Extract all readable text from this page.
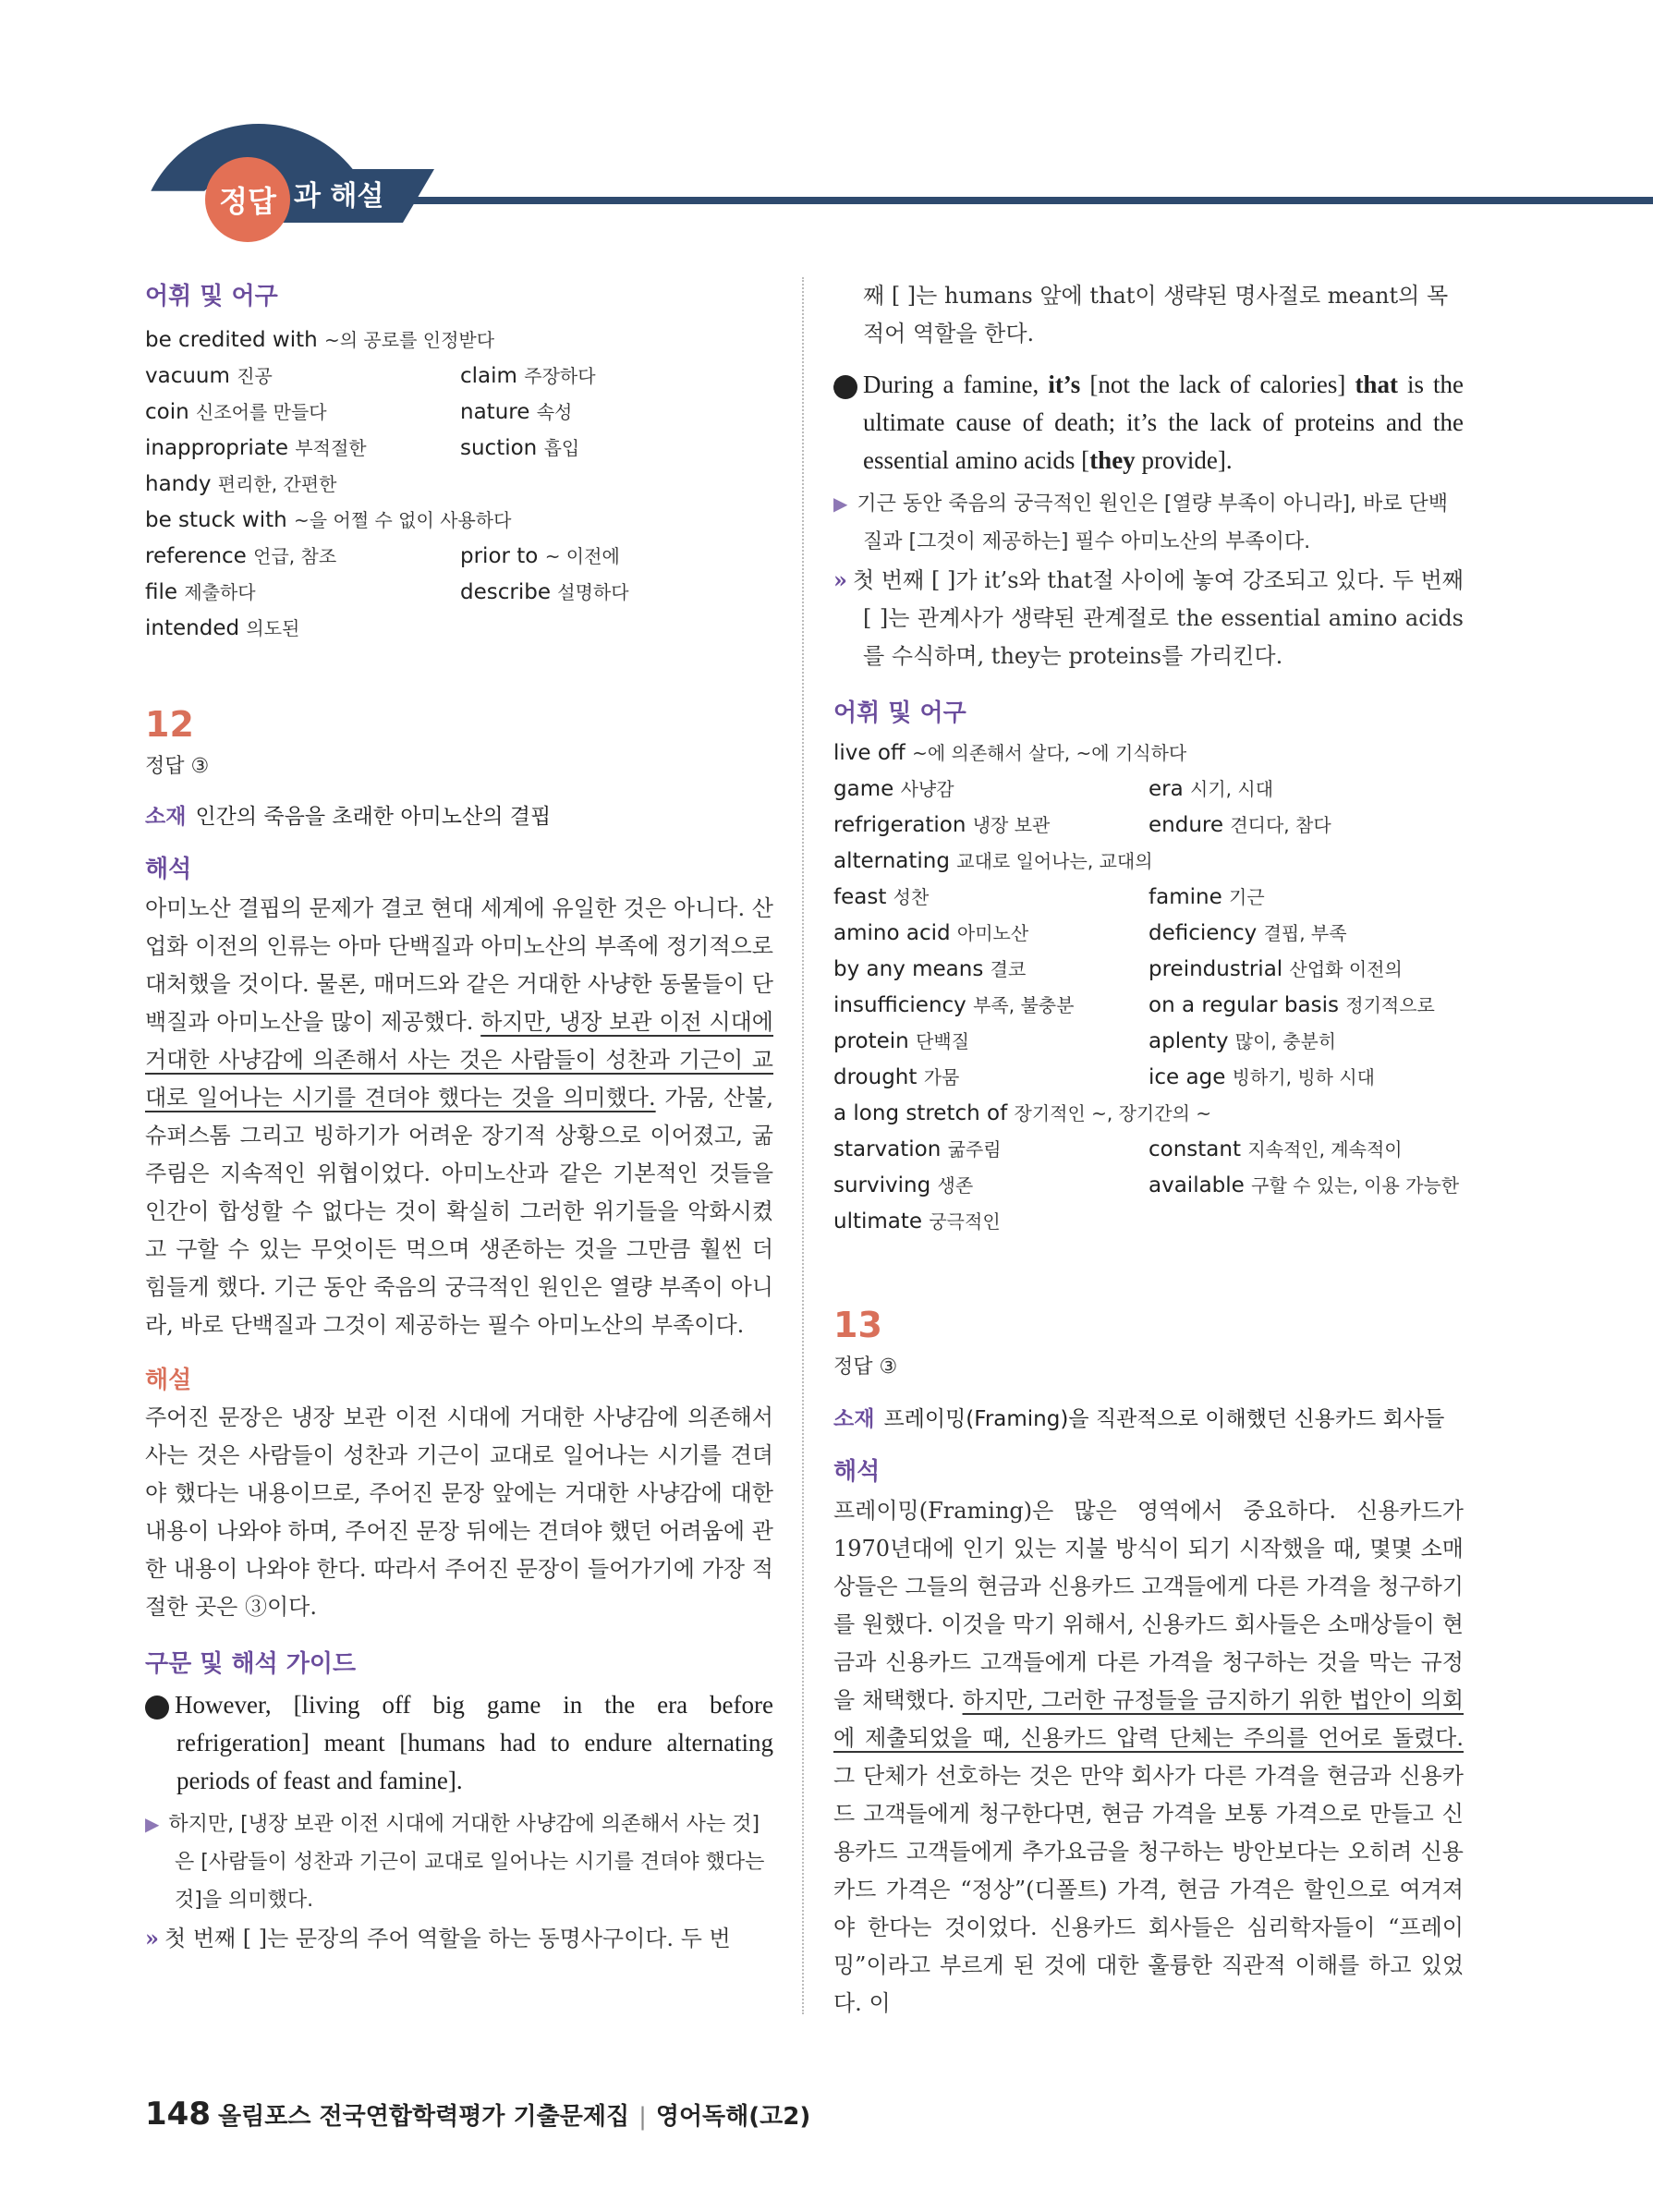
정답 과 해설
어휘 및 어구
be credited with ~의 공로를 인정받다
vacuum 진공	claim 주장하다
coin 신조어를 만들다	nature 속성
inappropriate 부적절한	suction 흡입
handy 편리한, 간편한
be stuck with ~을 어쩔 수 없이 사용하다
reference 언급, 참조	prior to ~ 이전에
file 제출하다	describe 설명하다
intended 의도된
12
정답 ③
소재 인간의 죽음을 초래한 아미노산의 결핍
해석
아미노산 결핍의 문제가 결코 현대 세계에 유일한 것은 아니다. 산업화 이전의 인류는 아마 단백질과 아미노산의 부족에 정기적으로 대처했을 것이다. 물론, 매머드와 같은 거대한 사냥한 동물들이 단백질과 아미노산을 많이 제공했다. 하지만, 냉장 보관 이전 시대에 거대한 사냥감에 의존해서 사는 것은 사람들이 성찬과 기근이 교대로 일어나는 시기를 견뎌야 했다는 것을 의미했다. 가뭄, 산불, 슈퍼스톰 그리고 빙하기가 어려운 장기적 상황으로 이어졌고, 굶주림은 지속적인 위협이었다. 아미노산과 같은 기본적인 것들을 인간이 합성할 수 없다는 것이 확실히 그러한 위기들을 악화시켰고 구할 수 있는 무엇이든 먹으며 생존하는 것을 그만큼 훨씬 더 힘들게 했다. 기근 동안 죽음의 궁극적인 원인은 열량 부족이 아니라, 바로 단백질과 그것이 제공하는 필수 아미노산의 부족이다.
해설
주어진 문장은 냉장 보관 이전 시대에 거대한 사냥감에 의존해서 사는 것은 사람들이 성찬과 기근이 교대로 일어나는 시기를 견뎌야 했다는 내용이므로, 주어진 문장 앞에는 거대한 사냥감에 대한 내용이 나와야 하며, 주어진 문장 뒤에는 견뎌야 했던 어려움에 관한 내용이 나와야 한다. 따라서 주어진 문장이 들어가기에 가장 적절한 곳은 ③이다.
구문 및 해석 가이드
1 However, [living off big game in the era before refrigeration] meant [humans had to endure alternating periods of feast and famine].
▶ 하지만, [냉장 보관 이전 시대에 거대한 사냥감에 의존해서 사는 것]은 [사람들이 성찬과 기근이 교대로 일어나는 시기를 견뎌야 했다는 것]을 의미했다.
» 첫 번째 [ ]는 문장의 주어 역할을 하는 동명사구이다. 두 번
째 [ ]는 humans 앞에 that이 생략된 명사절로 meant의 목적어 역할을 한다.
2 During a famine, it’s [not the lack of calories] that is the ultimate cause of death; it’s the lack of proteins and the essential amino acids [they provide].
▶ 기근 동안 죽음의 궁극적인 원인은 [열량 부족이 아니라], 바로 단백질과 [그것이 제공하는] 필수 아미노산의 부족이다.
» 첫 번째 [ ]가 it’s와 that절 사이에 놓여 강조되고 있다. 두 번째 [ ]는 관계사가 생략된 관계절로 the essential amino acids를 수식하며, they는 proteins를 가리킨다.
어휘 및 어구
live off ~에 의존해서 살다, ~에 기식하다
game 사냥감	era 시기, 시대
refrigeration 냉장 보관	endure 견디다, 참다
alternating 교대로 일어나는, 교대의
feast 성찬	famine 기근
amino acid 아미노산	deficiency 결핍, 부족
by any means 결코	preindustrial 산업화 이전의
insufficiency 부족, 불충분	on a regular basis 정기적으로
protein 단백질	aplenty 많이, 충분히
drought 가뭄	ice age 빙하기, 빙하 시대
a long stretch of 장기적인 ~, 장기간의 ~
starvation 굶주림	constant 지속적인, 계속적이
surviving 생존	available 구할 수 있는, 이용 가능한
ultimate 궁극적인
13
정답 ③
소재 프레이밍(Framing)을 직관적으로 이해했던 신용카드 회사들
해석
프레이밍(Framing)은 많은 영역에서 중요하다. 신용카드가 1970년대에 인기 있는 지불 방식이 되기 시작했을 때, 몇몇 소매상들은 그들의 현금과 신용카드 고객들에게 다른 가격을 청구하기를 원했다. 이것을 막기 위해서, 신용카드 회사들은 소매상들이 현금과 신용카드 고객들에게 다른 가격을 청구하는 것을 막는 규정을 채택했다. 하지만, 그러한 규정들을 금지하기 위한 법안이 의회에 제출되었을 때, 신용카드 압력 단체는 주의를 언어로 돌렸다. 그 단체가 선호하는 것은 만약 회사가 다른 가격을 현금과 신용카드 고객들에게 청구한다면, 현금 가격을 보통 가격으로 만들고 신용카드 고객들에게 추가요금을 청구하는 방안보다는 오히려 신용카드 가격은 “정상”(디폴트) 가격, 현금 가격은 할인으로 여겨져야 한다는 것이었다. 신용카드 회사들은 심리학자들이 “프레이밍”이라고 부르게 된 것에 대한 훌륭한 직관적 이해를 하고 있었다. 이
148 올림포스 전국연합학력평가 기출문제집 | 영어독해(고2)
